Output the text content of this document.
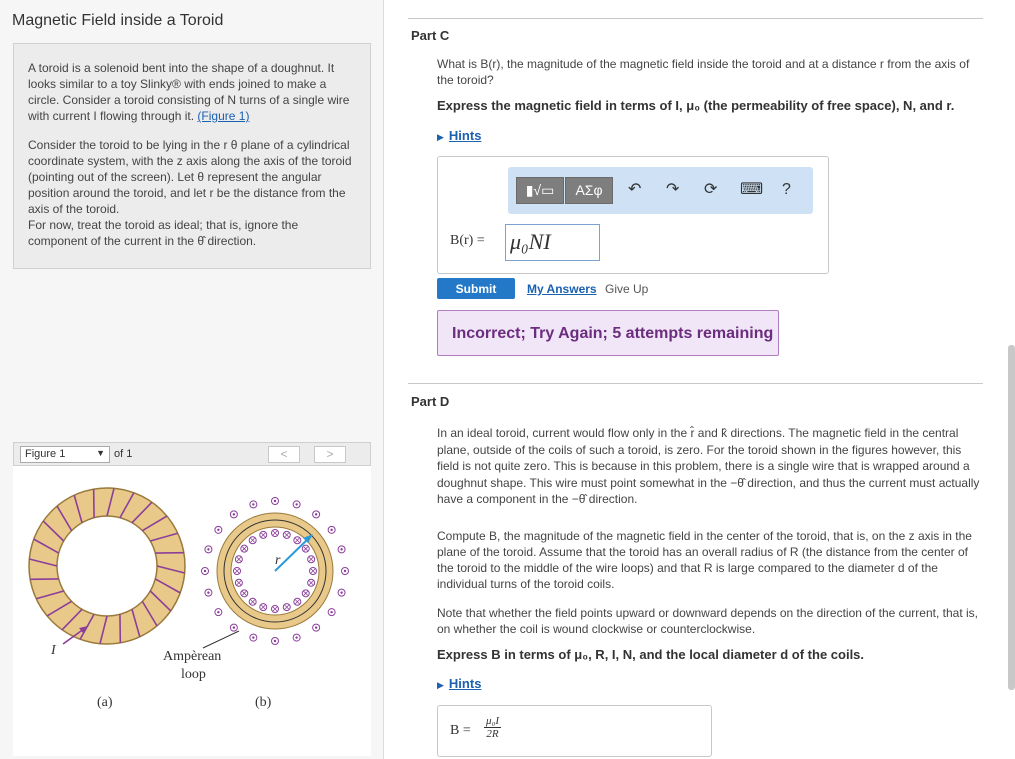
Magnetic Field inside a Toroid

A toroid is a solenoid bent into the shape of a doughnut. It looks similar to a toy Slinky® with ends joined to make a circle. Consider a toroid consisting of N turns of a single wire with current I flowing through it. (Figure 1)

Consider the toroid to be lying in the r θ plane of a cylindrical coordinate system, with the z axis along the axis of the toroid (pointing out of the screen). Let θ represent the angular position around the toroid, and let r be the distance from the axis of the toroid.
For now, treat the toroid as ideal; that is, ignore the component of the current in the θ̂ direction.

Figure 1	▼ of 1	<	>
I
r
Ampèrean
loop
(a)	(b)
Part C
What is B(r), the magnitude of the magnetic field inside the toroid and at a distance r from the axis of the toroid?
Express the magnetic field in terms of I, μ₀ (the permeability of free space), N, and r.
▶ Hints
▮√▭	ΑΣφ	↶ ↷ ⟳ ⌨ ?
B(r) = μ₀NI
Submit	My Answers Give Up
Incorrect; Try Again; 5 attempts remaining
Part D
In an ideal toroid, current would flow only in the r̂ and k̂ directions. The magnetic field in the central plane, outside of the coils of such a toroid, is zero. For the toroid shown in the figures however, this field is not quite zero. This is because in this problem, there is a single wire that is wrapped around a doughnut shape. This wire must point somewhat in the −θ̂ direction, and thus the current must actually have a component in the −θ̂ direction.
Compute B, the magnitude of the magnetic field in the center of the toroid, that is, on the z axis in the plane of the toroid. Assume that the toroid has an overall radius of R (the distance from the center of the toroid to the middle of the wire loops) and that R is large compared to the diameter d of the individual turns of the toroid coils.
Note that whether the field points upward or downward depends on the direction of the current, that is, on whether the coil is wound clockwise or counterclockwise.
Express B in terms of μ₀, R, I, N, and the local diameter d of the coils.
▶ Hints
$B = \frac{\text{μ₀I}}{2R}$
